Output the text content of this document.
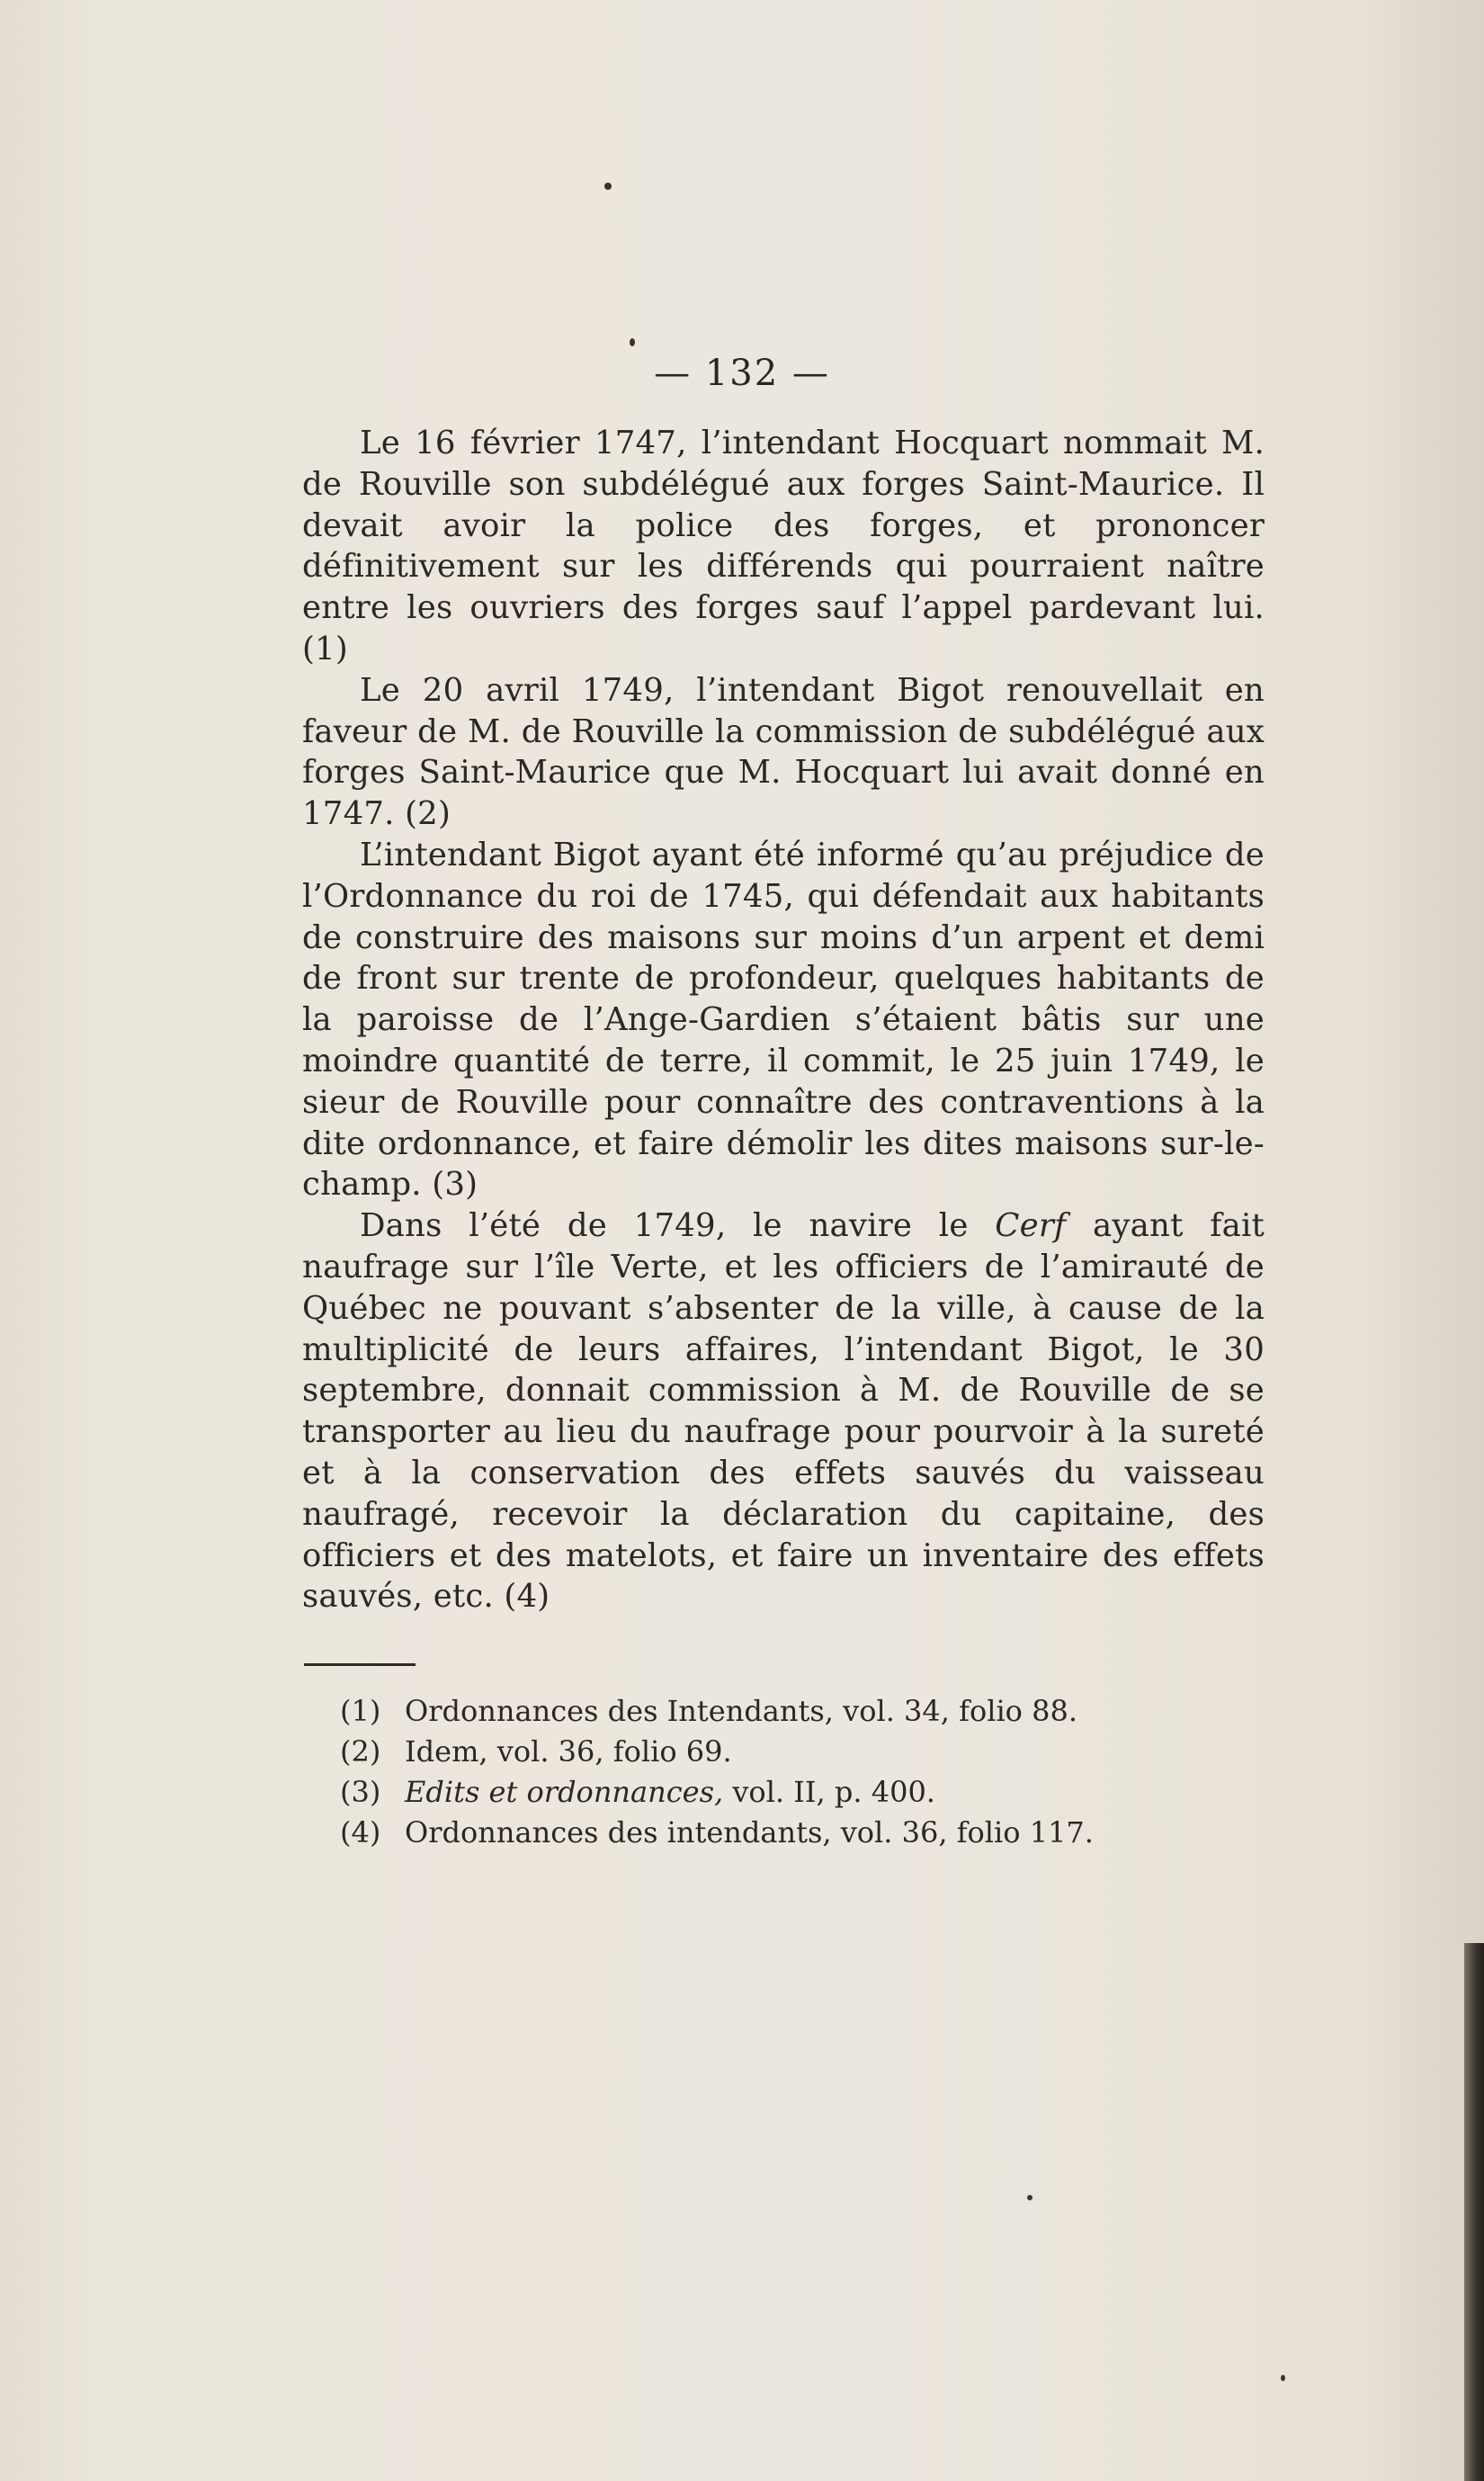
— 132 —

Le 16 février 1747, l’intendant Hocquart nommait M. de Rouville son subdélégué aux forges Saint-Maurice. Il devait avoir la police des forges, et prononcer définitivement sur les différends qui pourraient naître entre les ouvriers des forges sauf l’appel pardevant lui. (1)

Le 20 avril 1749, l’intendant Bigot renouvellait en faveur de M. de Rouville la commission de subdélégué aux forges Saint-Maurice que M. Hocquart lui avait donné en 1747. (2)

L’intendant Bigot ayant été informé qu’au préjudice de l’Ordonnance du roi de 1745, qui défendait aux habitants de construire des maisons sur moins d’un arpent et demi de front sur trente de profondeur, quelques habitants de la paroisse de l’Ange-Gardien s’étaient bâtis sur une moindre quantité de terre, il commit, le 25 juin 1749, le sieur de Rouville pour connaître des contraventions à la dite ordonnance, et faire démolir les dites maisons sur-le-champ. (3)

Dans l’été de 1749, le navire le Cerf ayant fait naufrage sur l’île Verte, et les officiers de l’amirauté de Québec ne pouvant s’absenter de la ville, à cause de la multiplicité de leurs affaires, l’intendant Bigot, le 30 septembre, donnait commission à M. de Rouville de se transporter au lieu du naufrage pour pourvoir à la sureté et à la conservation des effets sauvés du vaisseau naufragé, recevoir la déclaration du capitaine, des officiers et des matelots, et faire un inventaire des effets sauvés, etc. (4)

(1) Ordonnances des Intendants, vol. 34, folio 88.
(2) Idem, vol. 36, folio 69.
(3) Edits et ordonnances, vol. II, p. 400.
(4) Ordonnances des intendants, vol. 36, folio 117.
